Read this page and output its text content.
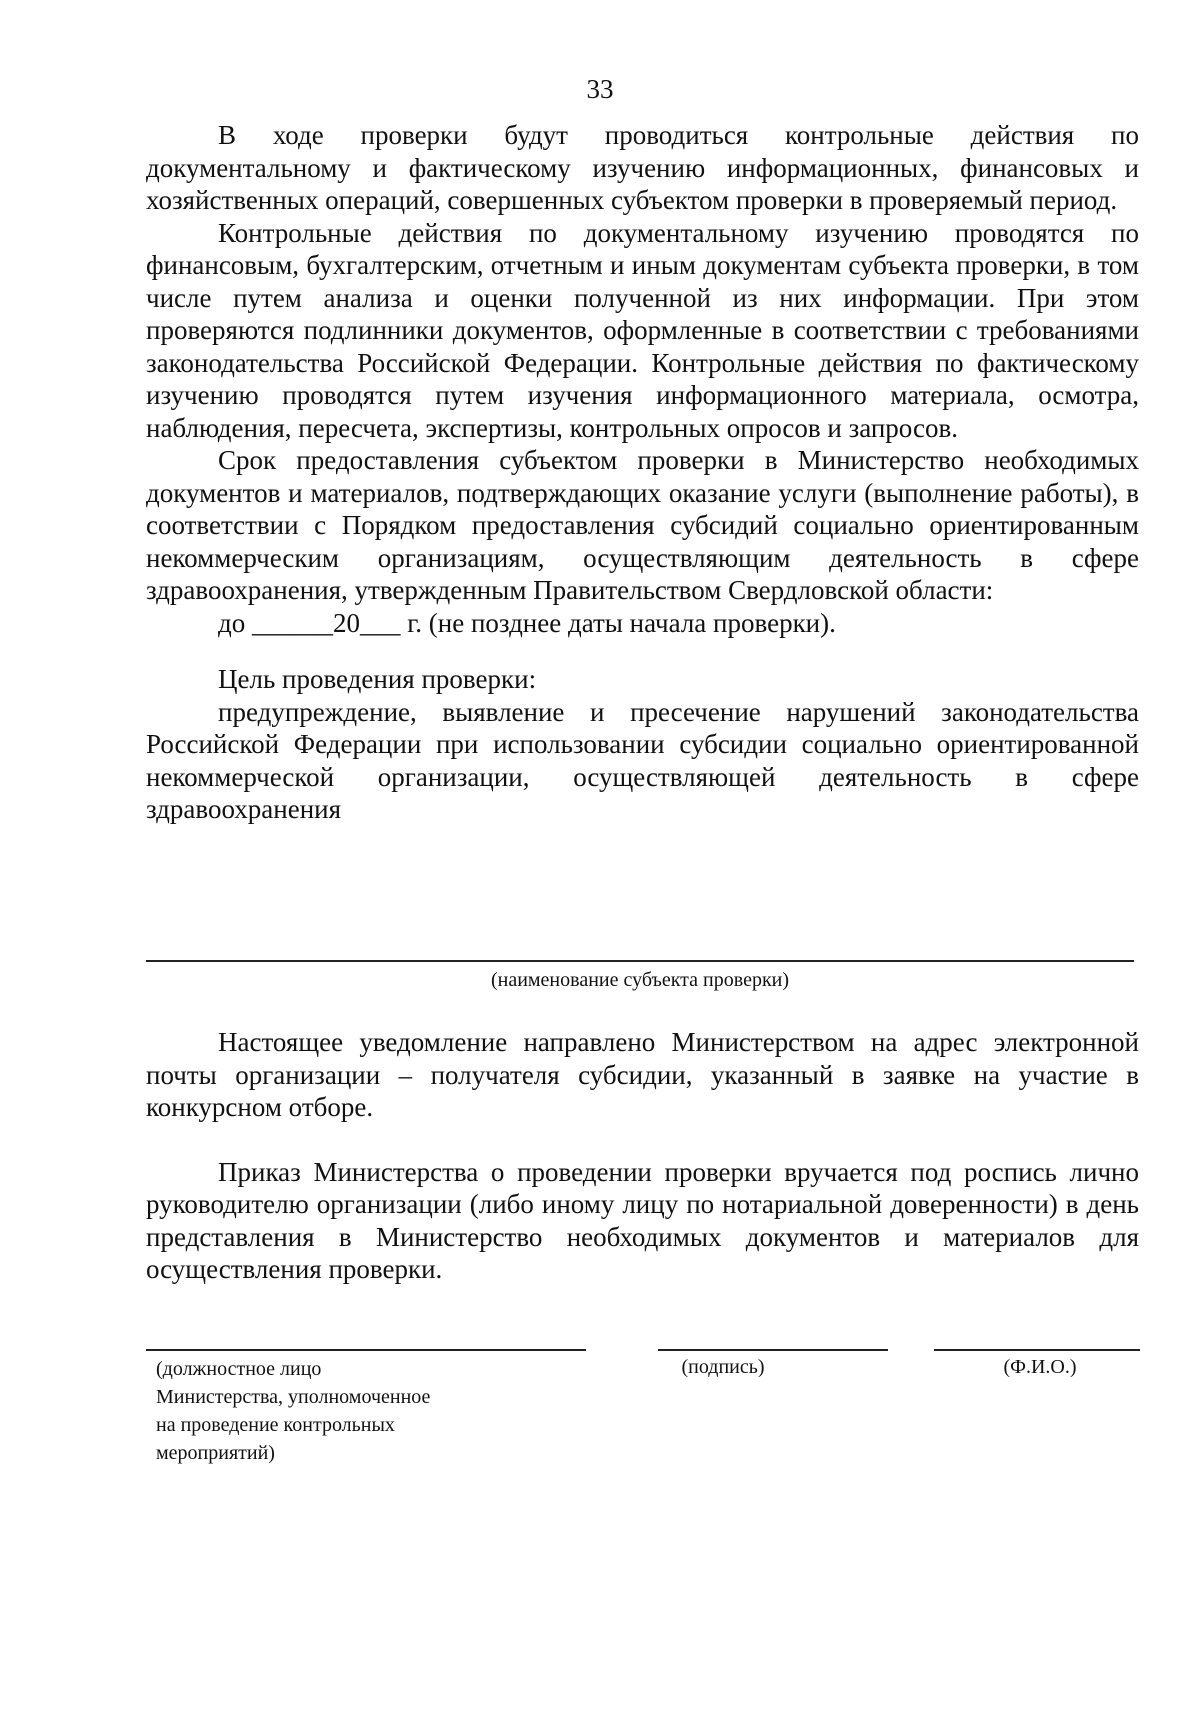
33

В ходе проверки будут проводиться контрольные действия по документальному и фактическому изучению информационных, финансовых и хозяйственных операций, совершенных субъектом проверки в проверяемый период.

Контрольные действия по документальному изучению проводятся по финансовым, бухгалтерским, отчетным и иным документам субъекта проверки, в том числе путем анализа и оценки полученной из них информации. При этом проверяются подлинники документов, оформленные в соответствии с требованиями законодательства Российской Федерации. Контрольные действия по фактическому изучению проводятся путем изучения информационного материала, осмотра, наблюдения, пересчета, экспертизы, контрольных опросов и запросов.

Срок предоставления субъектом проверки в Министерство необходимых документов и материалов, подтверждающих оказание услуги (выполнение работы), в соответствии с Порядком предоставления субсидий социально ориентированным некоммерческим организациям, осуществляющим деятельность в сфере здравоохранения, утвержденным Правительством Свердловской области:

до ______20___ г. (не позднее даты начала проверки).

Цель проведения проверки:

предупреждение, выявление и пресечение нарушений законодательства Российской Федерации при использовании субсидии социально ориентированной некоммерческой организации, осуществляющей деятельность в сфере здравоохранения

(наименование субъекта проверки)

Настоящее уведомление направлено Министерством на адрес электронной почты организации – получателя субсидии, указанный в заявке на участие в конкурсном отборе.

Приказ Министерства о проведении проверки вручается под роспись лично руководителю организации (либо иному лицу по нотариальной доверенности) в день представления в Министерство необходимых документов и материалов для осуществления проверки.

(должностное лицо
Министерства, уполномоченное
на проведение контрольных
мероприятий)
(подпись)	(Ф.И.О.)
